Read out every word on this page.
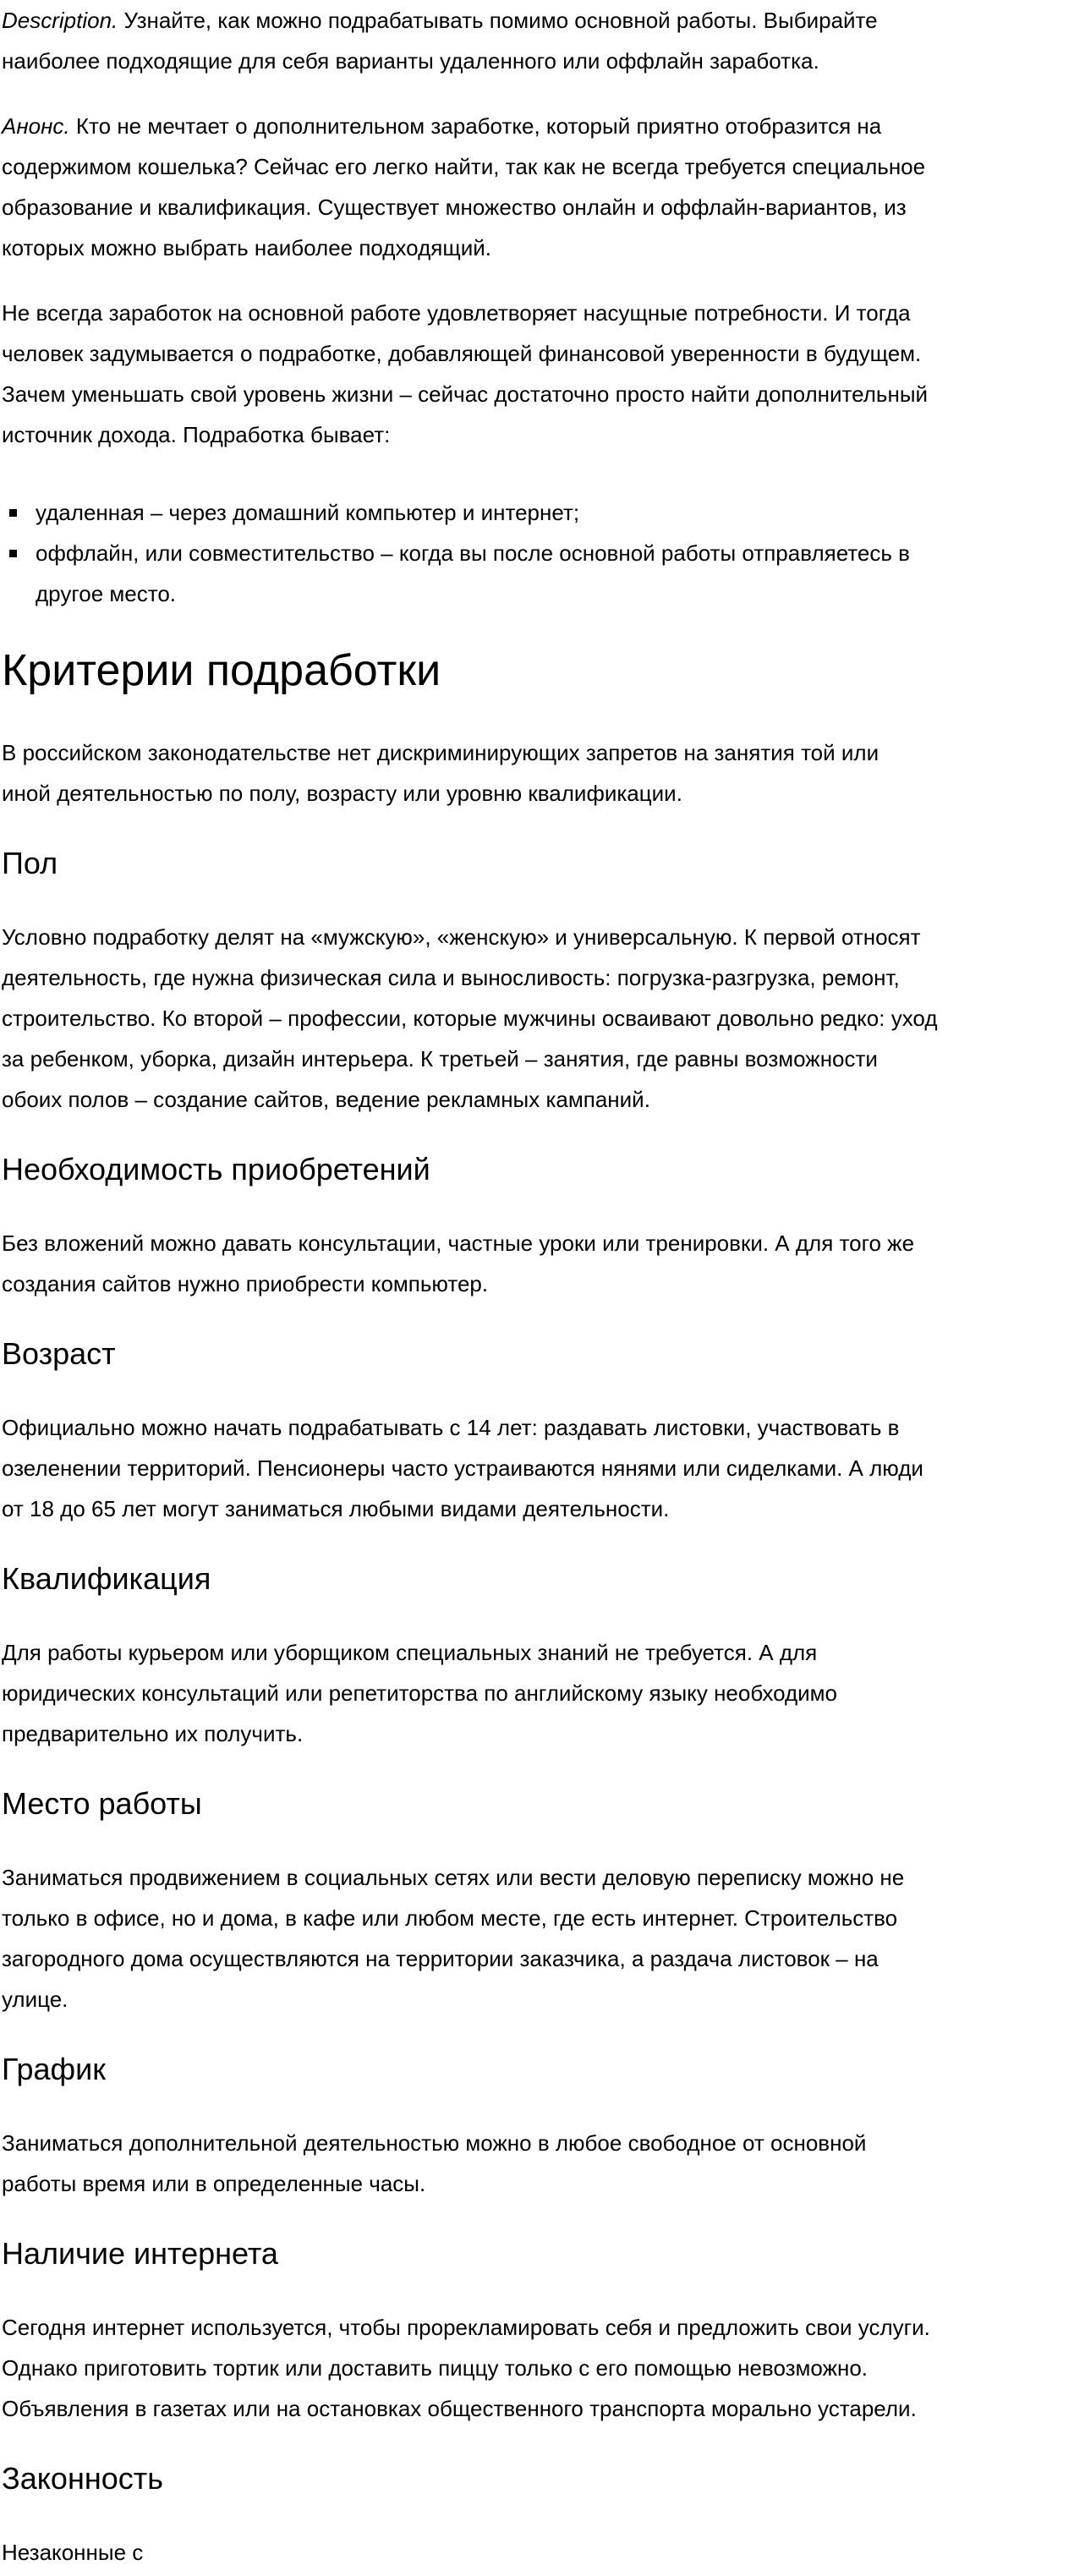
Description. Узнайте, как можно подрабатывать помимо основной работы. Выбирайте
наиболее подходящие для себя варианты удаленного или оффлайн заработка.

Анонс. Кто не мечтает о дополнительном заработке, который приятно отобразится на
содержимом кошелька? Сейчас его легко найти, так как не всегда требуется специальное
образование и квалификация. Существует множество онлайн и оффлайн-вариантов, из
которых можно выбрать наиболее подходящий.

Не всегда заработок на основной работе удовлетворяет насущные потребности. И тогда
человек задумывается о подработке, добавляющей финансовой уверенности в будущем.
Зачем уменьшать свой уровень жизни – сейчас достаточно просто найти дополнительный
источник дохода. Подработка бывает:

удаленная – через домашний компьютер и интернет;
оффлайн, или совместительство – когда вы после основной работы отправляетесь в
другое место.
Критерии подработки

В российском законодательстве нет дискриминирующих запретов на занятия той или
иной деятельностью по полу, возрасту или уровню квалификации.

Пол

Условно подработку делят на «мужскую», «женскую» и универсальную. К первой относят
деятельность, где нужна физическая сила и выносливость: погрузка-разгрузка, ремонт,
строительство. Ко второй – профессии, которые мужчины осваивают довольно редко: уход
за ребенком, уборка, дизайн интерьера. К третьей – занятия, где равны возможности
обоих полов – создание сайтов, ведение рекламных кампаний.

Необходимость приобретений

Без вложений можно давать консультации, частные уроки или тренировки. А для того же
создания сайтов нужно приобрести компьютер.

Возраст

Официально можно начать подрабатывать с 14 лет: раздавать листовки, участвовать в
озеленении территорий. Пенсионеры часто устраиваются нянями или сиделками. А люди
от 18 до 65 лет могут заниматься любыми видами деятельности.

Квалификация

Для работы курьером или уборщиком специальных знаний не требуется. А для
юридических консультаций или репетиторства по английскому языку необходимо
предварительно их получить.

Место работы

Заниматься продвижением в социальных сетях или вести деловую переписку можно не
только в офисе, но и дома, в кафе или любом месте, где есть интернет. Строительство
загородного дома осуществляются на территории заказчика, а раздача листовок – на
улице.

График

Заниматься дополнительной деятельностью можно в любое свободное от основной
работы время или в определенные часы.

Наличие интернета

Сегодня интернет используется, чтобы прорекламировать себя и предложить свои услуги.
Однако приготовить тортик или доставить пиццу только с его помощью невозможно.
Объявления в газетах или на остановках общественного транспорта морально устарели.

Законность

Незаконные с
